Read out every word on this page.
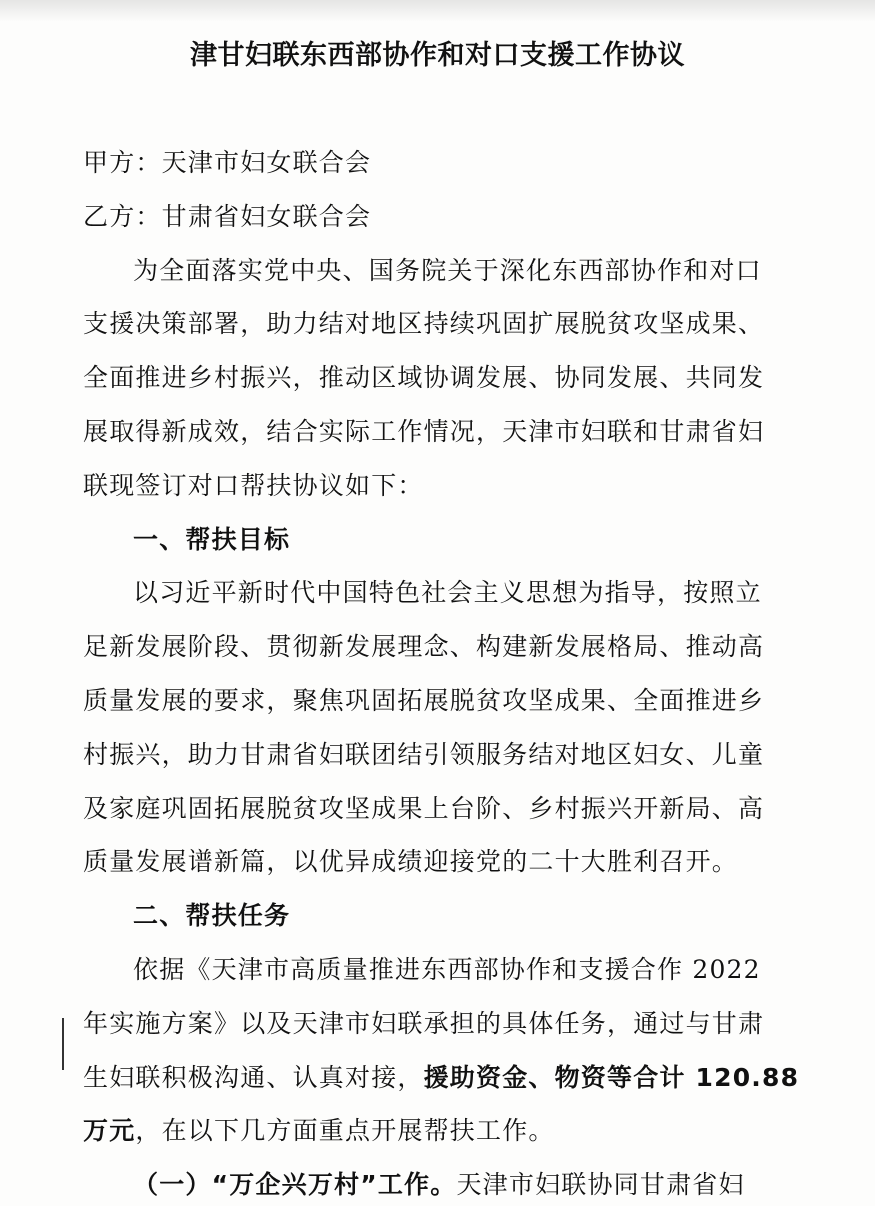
津甘妇联东西部协作和对口支援工作协议
甲方：天津市妇女联合会
乙方：甘肃省妇女联合会
为全面落实党中央、国务院关于深化东西部协作和对口
支援决策部署，助力结对地区持续巩固扩展脱贫攻坚成果、
全面推进乡村振兴，推动区域协调发展、协同发展、共同发
展取得新成效，结合实际工作情况，天津市妇联和甘肃省妇
联现签订对口帮扶协议如下：
一、帮扶目标
以习近平新时代中国特色社会主义思想为指导，按照立
足新发展阶段、贯彻新发展理念、构建新发展格局、推动高
质量发展的要求，聚焦巩固拓展脱贫攻坚成果、全面推进乡
村振兴，助力甘肃省妇联团结引领服务结对地区妇女、儿童
及家庭巩固拓展脱贫攻坚成果上台阶、乡村振兴开新局、高
质量发展谱新篇，以优异成绩迎接党的二十大胜利召开。
二、帮扶任务
依据《天津市高质量推进东西部协作和支援合作 2022
年实施方案》以及天津市妇联承担的具体任务，通过与甘肃
生妇联积极沟通、认真对接，援助资金、物资等合计 120.88
万元，在以下几方面重点开展帮扶工作。
（一）“万企兴万村”工作。天津市妇联协同甘肃省妇
